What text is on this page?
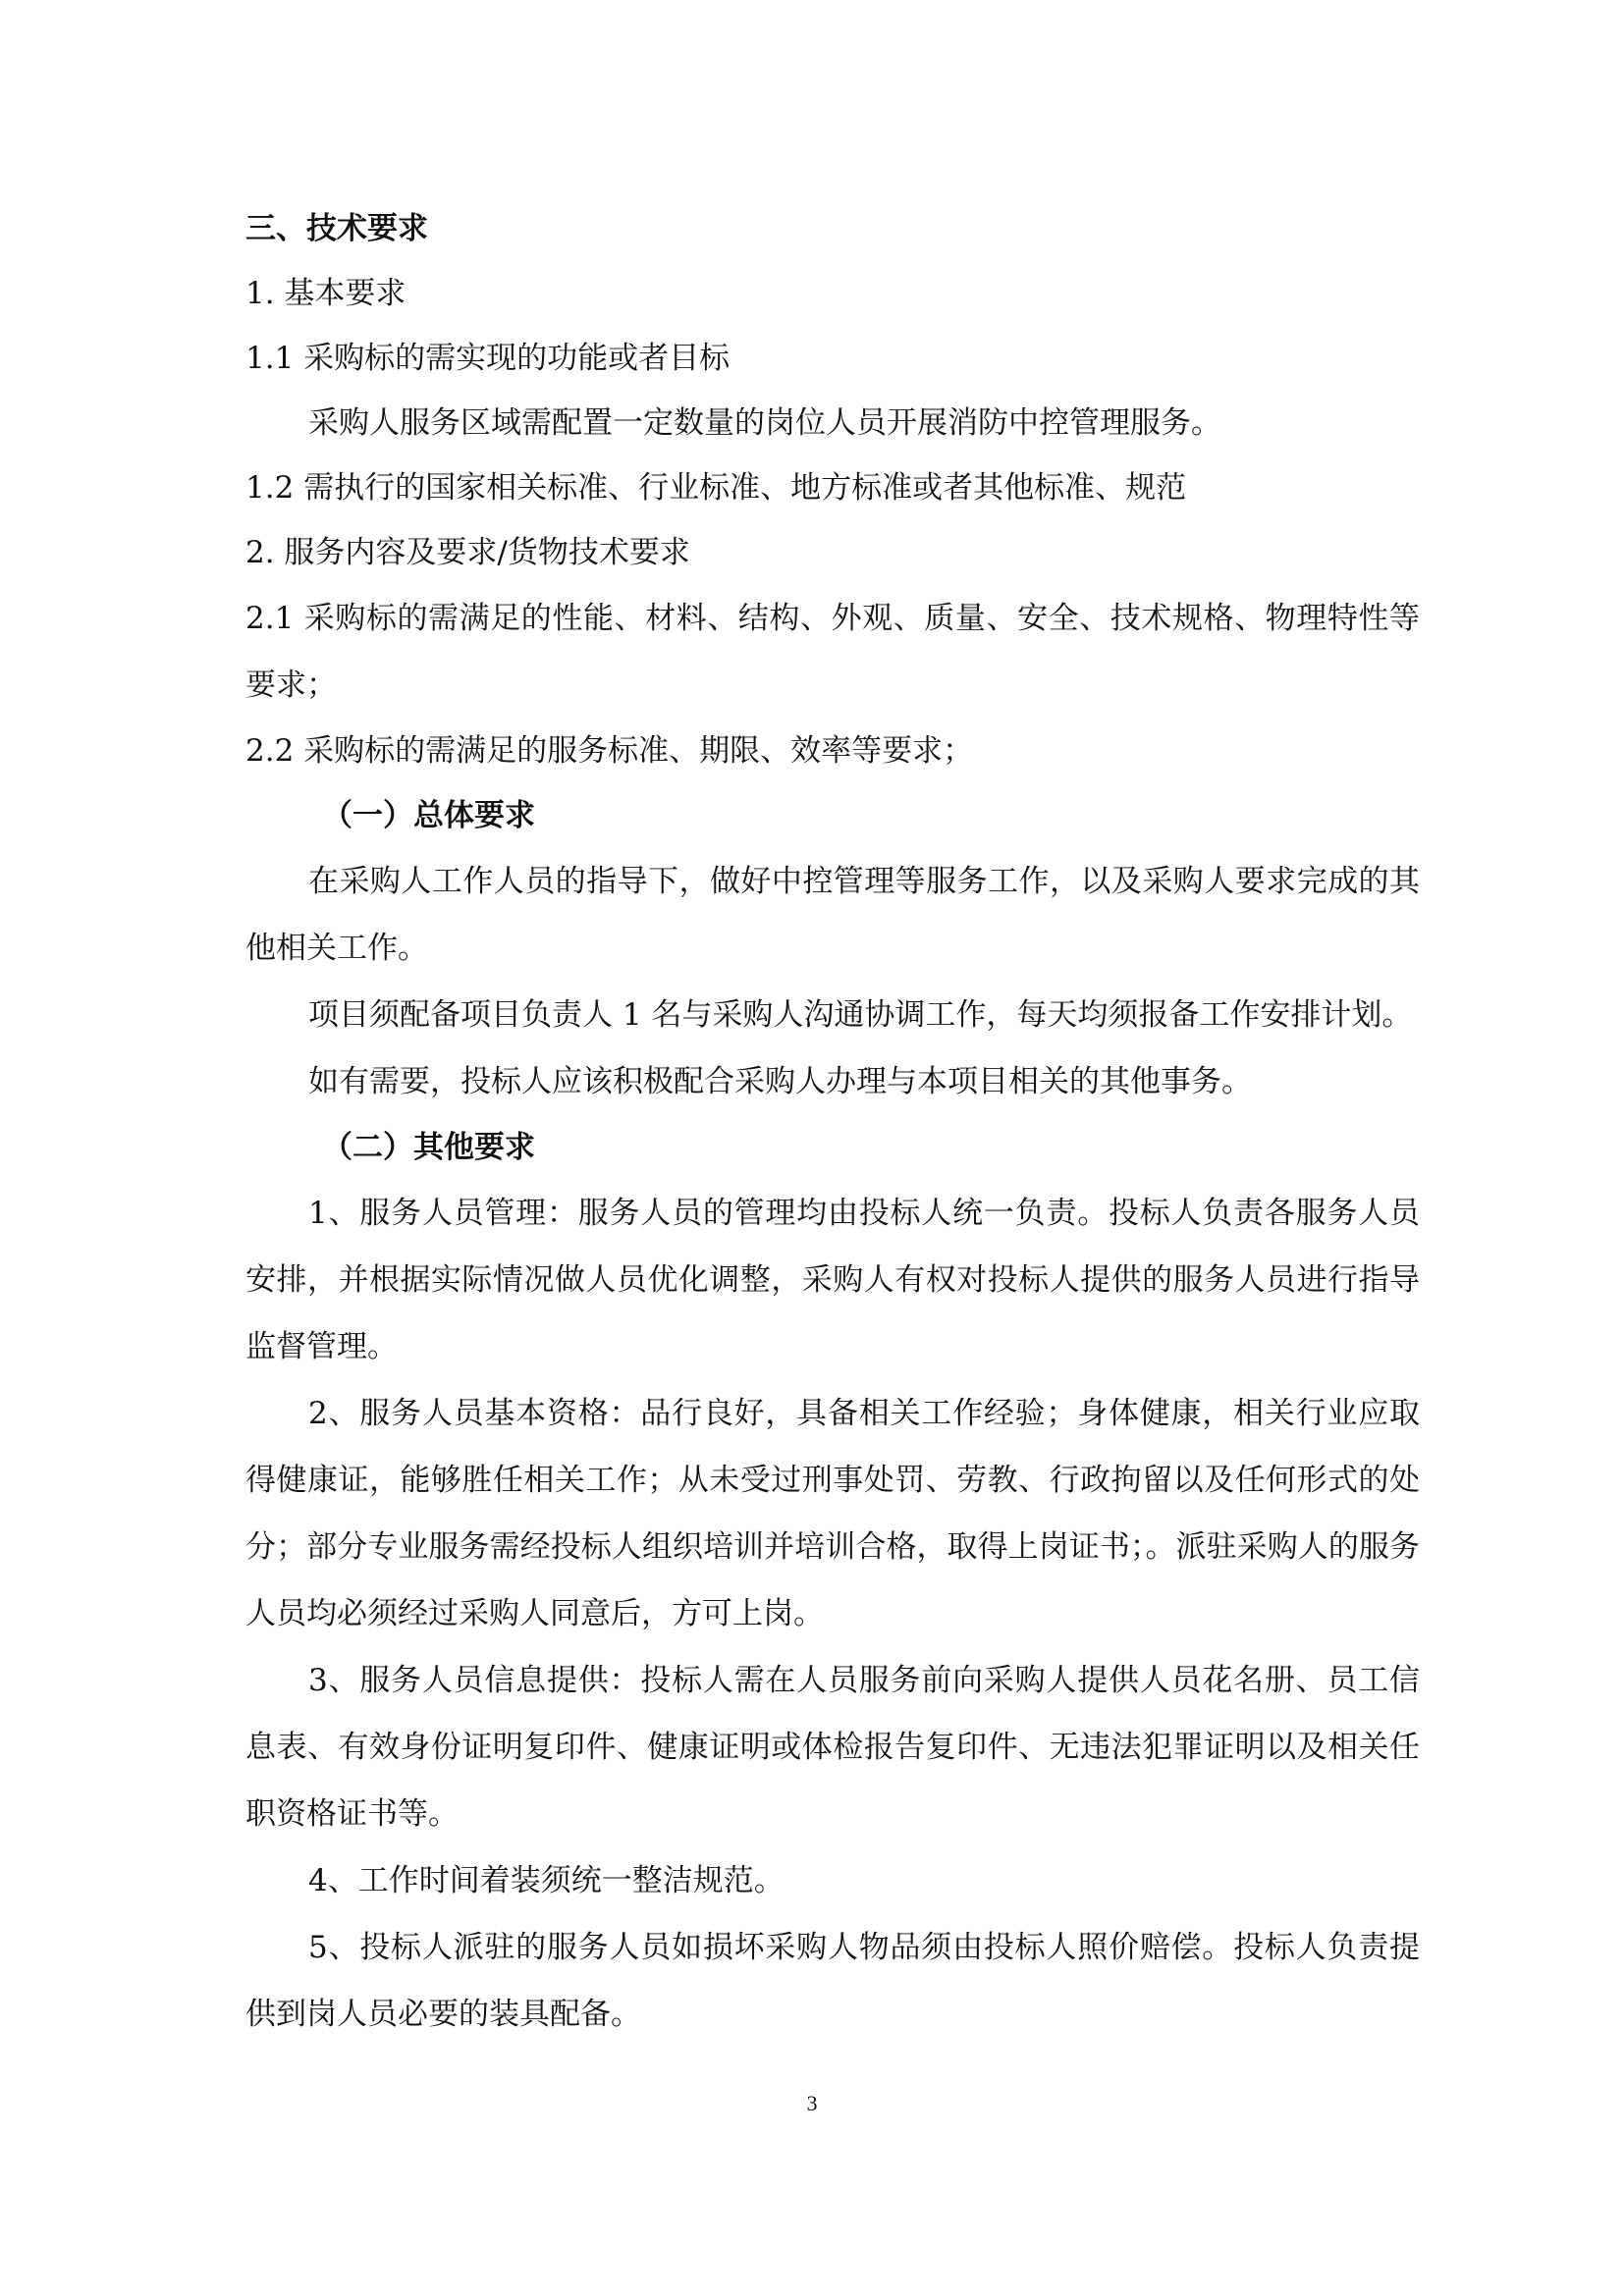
三、技术要求

1. 基本要求

1.1 采购标的需实现的功能或者目标

采购人服务区域需配置一定数量的岗位人员开展消防中控管理服务。

1.2 需执行的国家相关标准、行业标准、地方标准或者其他标准、规范

2. 服务内容及要求/货物技术要求

2.1 采购标的需满足的性能、材料、结构、外观、质量、安全、技术规格、物理特性等要求；

2.2 采购标的需满足的服务标准、期限、效率等要求；

（一）总体要求

在采购人工作人员的指导下，做好中控管理等服务工作，以及采购人要求完成的其他相关工作。

项目须配备项目负责人 1 名与采购人沟通协调工作，每天均须报备工作安排计划。

如有需要，投标人应该积极配合采购人办理与本项目相关的其他事务。

（二）其他要求

1、服务人员管理：服务人员的管理均由投标人统一负责。投标人负责各服务人员安排，并根据实际情况做人员优化调整，采购人有权对投标人提供的服务人员进行指导监督管理。

2、服务人员基本资格：品行良好，具备相关工作经验；身体健康，相关行业应取得健康证，能够胜任相关工作；从未受过刑事处罚、劳教、行政拘留以及任何形式的处分；部分专业服务需经投标人组织培训并培训合格，取得上岗证书；。派驻采购人的服务人员均必须经过采购人同意后，方可上岗。

3、服务人员信息提供：投标人需在人员服务前向采购人提供人员花名册、员工信息表、有效身份证明复印件、健康证明或体检报告复印件、无违法犯罪证明以及相关任职资格证书等。

4、工作时间着装须统一整洁规范。

5、投标人派驻的服务人员如损坏采购人物品须由投标人照价赔偿。投标人负责提供到岗人员必要的装具配备。

3
